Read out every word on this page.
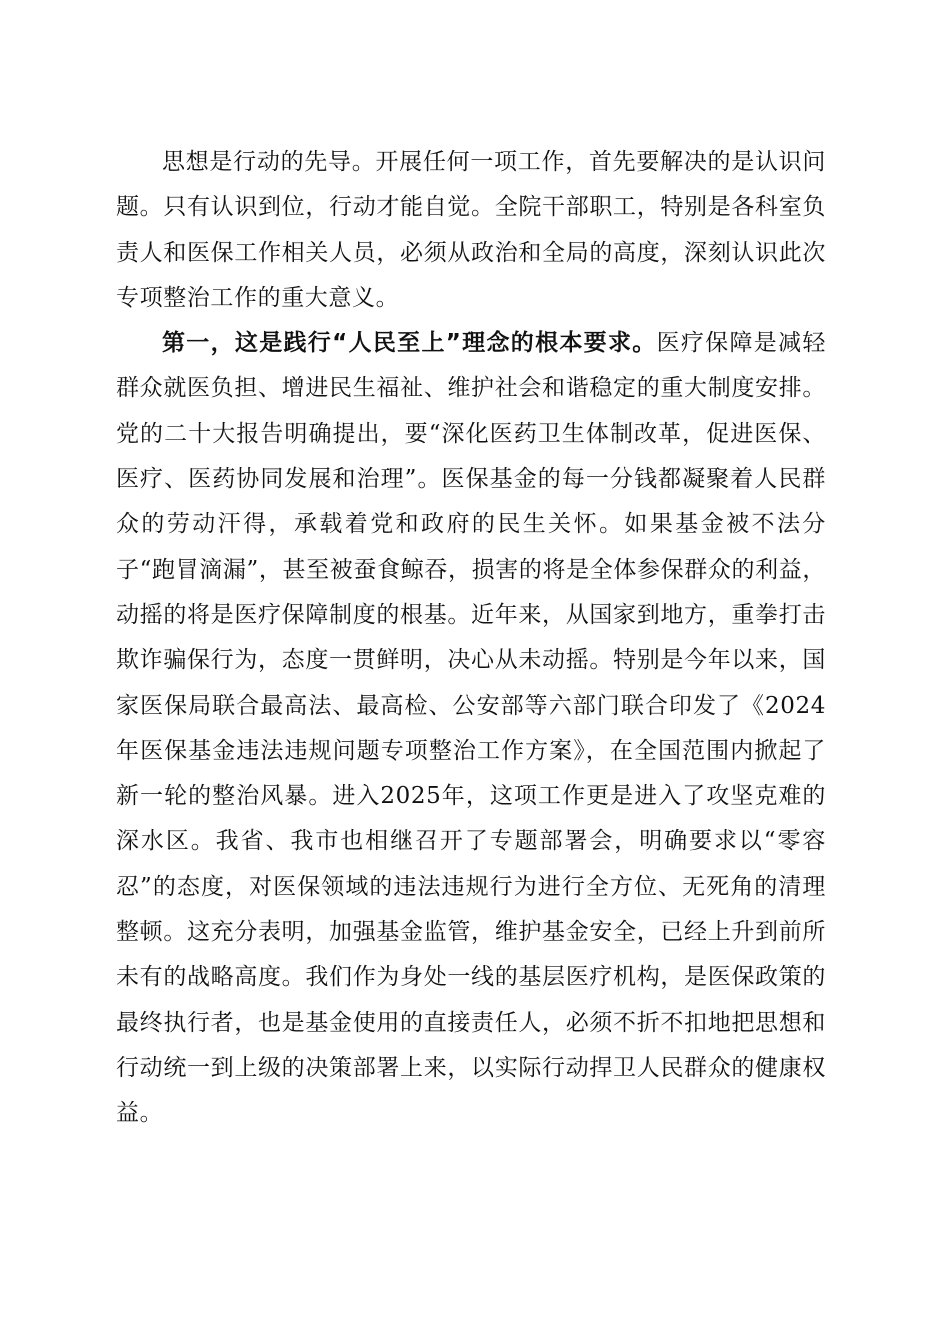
思想是行动的先导。开展任何一项工作，首先要解决的是认识问题。只有认识到位，行动才能自觉。全院干部职工，特别是各科室负责人和医保工作相关人员，必须从政治和全局的高度，深刻认识此次专项整治工作的重大意义。

第一，这是践行“人民至上”理念的根本要求。医疗保障是减轻群众就医负担、增进民生福祉、维护社会和谐稳定的重大制度安排。党的二十大报告明确提出，要“深化医药卫生体制改革，促进医保、医疗、医药协同发展和治理”。医保基金的每一分钱都凝聚着人民群众的劳动汗得，承载着党和政府的民生关怀。如果基金被不法分子“跑冒滴漏”，甚至被蚕食鲸吞，损害的将是全体参保群众的利益，动摇的将是医疗保障制度的根基。近年来，从国家到地方，重拳打击欺诈骗保行为，态度一贯鲜明，决心从未动摇。特别是今年以来，国家医保局联合最高法、最高检、公安部等六部门联合印发了《2024年医保基金违法违规问题专项整治工作方案》，在全国范围内掀起了新一轮的整治风暴。进入2025年，这项工作更是进入了攻坚克难的深水区。我省、我市也相继召开了专题部署会，明确要求以“零容忍”的态度，对医保领域的违法违规行为进行全方位、无死角的清理整顿。这充分表明，加强基金监管，维护基金安全，已经上升到前所未有的战略高度。我们作为身处一线的基层医疗机构，是医保政策的最终执行者，也是基金使用的直接责任人，必须不折不扣地把思想和行动统一到上级的决策部署上来，以实际行动捍卫人民群众的健康权益。
